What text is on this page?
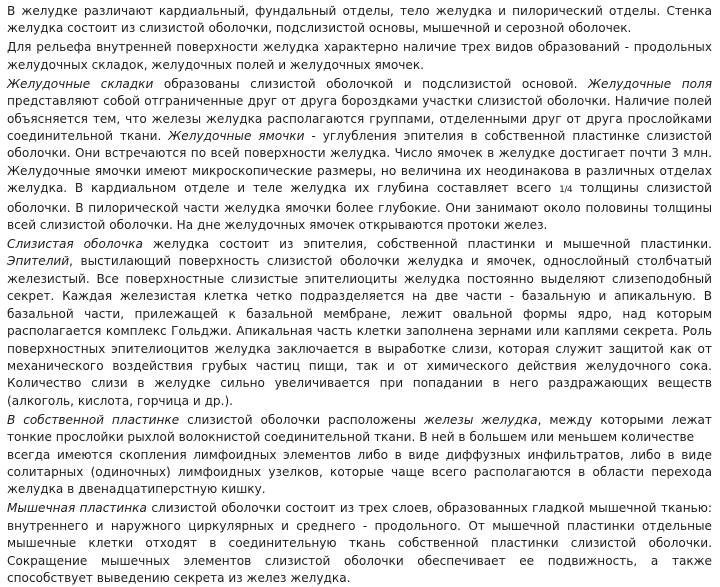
В желудке различают кардиальный, фундальный отделы, тело желудка и пилорический отделы. Стенка желудка состоит из слизистой оболочки, подслизистой основы, мышечной и серозной оболочек.

Для рельефа внутренней поверхности желудка характерно наличие трех видов образований - продольных желудочных складок, желудочных полей и желудочных ямочек.

Желудочные складки образованы слизистой оболочкой и подслизистой основой. Желудочные поля представляют собой отграниченные друг от друга бороздками участки слизистой оболочки. Наличие полей объясняется тем, что железы желудка располагаются группами, отделенными друг от друга прослойками соединительной ткани. Желудочные ямочки - углубления эпителия в собственной пластинке слизистой оболочки. Они встречаются по всей поверхности желудка. Число ямочек в желудке достигает почти 3 млн. Желудочные ямочки имеют микроскопические размеры, но величина их неодинакова в различных отделах желудка. В кардиальном отделе и теле желудка их глубина составляет всего 1/4 толщины слизистой оболочки. В пилорической части желудка ямочки более глубокие. Они занимают около половины толщины всей слизистой оболочки. На дне желудочных ямочек открываются протоки желез.

Слизистая оболочка желудка состоит из эпителия, собственной пластинки и мышечной пластинки. Эпителий, выстилающий поверхность слизистой оболочки желудка и ямочек, однослойный столбчатый железистый. Все поверхностные слизистые эпителиоциты желудка постоянно выделяют слизеподобный секрет. Каждая железистая клетка четко подразделяется на две части - базальную и апикальную. В базальной части, прилежащей к базальной мембране, лежит овальной формы ядро, над которым располагается комплекс Гольджи. Апикальная часть клетки заполнена зернами или каплями секрета. Роль поверхностных эпителиоцитов желудка заключается в выработке слизи, которая служит защитой как от механического воздействия грубых частиц пищи, так и от химического действия желудочного сока. Количество слизи в желудке сильно увеличивается при попадании в него раздражающих веществ (алкоголь, кислота, горчица и др.).

В собственной пластинке слизистой оболочки расположены железы желудка, между которыми лежат тонкие прослойки рыхлой волокнистой соединительной ткани. В ней в большем или меньшем количестве

всегда имеются скопления лимфоидных элементов либо в виде диффузных инфильтратов, либо в виде солитарных (одиночных) лимфоидных узелков, которые чаще всего располагаются в области перехода желудка в двенадцатиперстную кишку.

Мышечная пластинка слизистой оболочки состоит из трех слоев, образованных гладкой мышечной тканью: внутреннего и наружного циркулярных и среднего - продольного. От мышечной пластинки отдельные мышечные клетки отходят в соединительную ткань собственной пластинки слизистой оболочки. Сокращение мышечных элементов слизистой оболочки обеспечивает ее подвижность, а также способствует выведению секрета из желез желудка.
